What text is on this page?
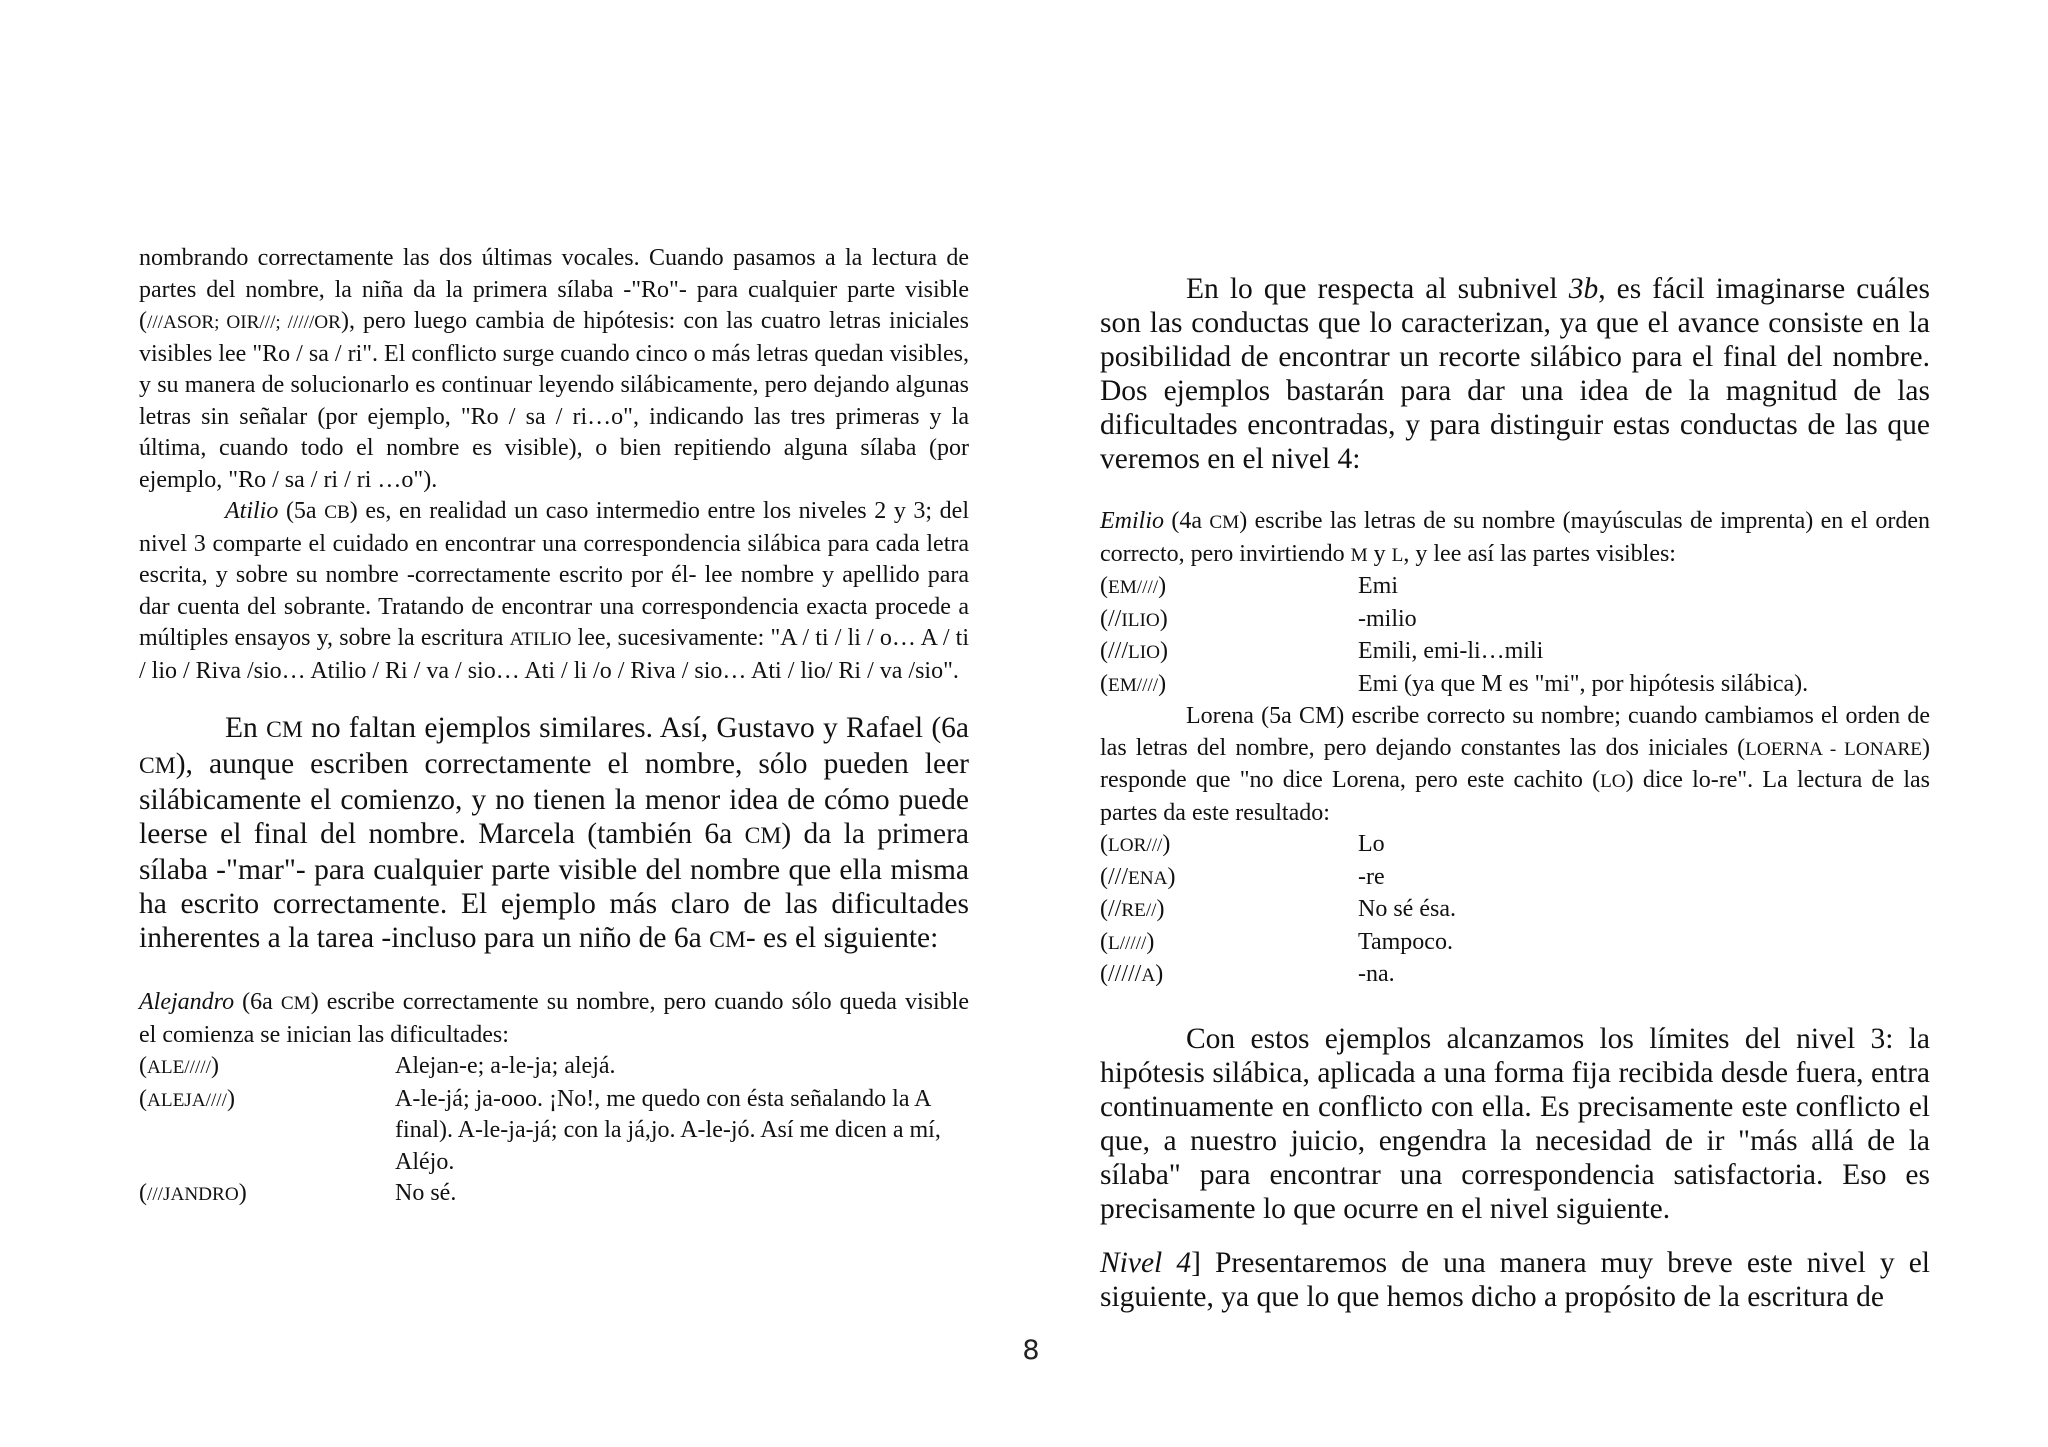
nombrando correctamente las dos últimas vocales. Cuando pasamos a la lectura de partes del nombre, la niña da la primera sílaba -"Ro"- para cualquier parte visible (///ASOR; OIR///; /////OR), pero luego cambia de hipótesis: con las cuatro letras iniciales visibles lee "Ro / sa / ri". El conflicto surge cuando cinco o más letras quedan visibles, y su manera de solucionarlo es continuar leyendo silábicamente, pero dejando algunas letras sin señalar (por ejemplo, "Ro / sa / ri…o", indicando las tres primeras y la última, cuando todo el nombre es visible), o bien repitiendo alguna sílaba (por ejemplo, "Ro / sa / ri / ri …o").

Atilio (5a CB) es, en realidad un caso intermedio entre los niveles 2 y 3; del nivel 3 comparte el cuidado en encontrar una correspondencia silábica para cada letra escrita, y sobre su nombre -correctamente escrito por él- lee nombre y apellido para dar cuenta del sobrante. Tratando de encontrar una correspondencia exacta procede a múltiples ensayos y, sobre la escritura ATILIO lee, sucesivamente: "A / ti / li / o… A / ti / lio / Riva /sio… Atilio / Ri / va / sio… Ati / li /o / Riva / sio… Ati / lio/ Ri / va /sio".

En CM no faltan ejemplos similares. Así, Gustavo y Rafael (6a CM), aunque escriben correctamente el nombre, sólo pueden leer silábicamente el comienzo, y no tienen la menor idea de cómo puede leerse el final del nombre. Marcela (también 6a CM) da la primera sílaba -"mar"- para cualquier parte visible del nombre que ella misma ha escrito correctamente. El ejemplo más claro de las dificultades inherentes a la tarea -incluso para un niño de 6a CM- es el siguiente:

Alejandro (6a CM) escribe correctamente su nombre, pero cuando sólo queda visible el comienza se inician las dificultades:

(ALE/////)	Alejan-e; a-le-ja; alejá.
(ALEJA////)	A-le-já; ja-ooo. ¡No!, me quedo con ésta señalando la A final). A-le-ja-já; con la já,jo. A-le-jó. Así me dicen a mí, Aléjo.
(///JANDRO)	No sé.

En lo que respecta al subnivel 3b, es fácil imaginarse cuáles son las conductas que lo caracterizan, ya que el avance consiste en la posibilidad de encontrar un recorte silábico para el final del nombre. Dos ejemplos bastarán para dar una idea de la magnitud de las dificultades encontradas, y para distinguir estas conductas de las que veremos en el nivel 4:

Emilio (4a CM) escribe las letras de su nombre (mayúsculas de imprenta) en el orden correcto, pero invirtiendo M y L, y lee así las partes visibles:

(EM////)	Emi
(//ILIO)	-milio
(///LIO)	Emili, emi-li…mili
(EM////)	Emi (ya que M es "mi", por hipótesis silábica).

Lorena (5a CM) escribe correcto su nombre; cuando cambiamos el orden de las letras del nombre, pero dejando constantes las dos iniciales (LOERNA - LONARE) responde que "no dice Lorena, pero este cachito (LO) dice lo-re". La lectura de las partes da este resultado:

(LOR///)	Lo
(///ENA)	-re
(//RE//)	No sé ésa.
(L/////)	Tampoco.
(/////A)	-na.

Con estos ejemplos alcanzamos los límites del nivel 3: la hipótesis silábica, aplicada a una forma fija recibida desde fuera, entra continuamente en conflicto con ella. Es precisamente este conflicto el que, a nuestro juicio, engendra la necesidad de ir "más allá de la sílaba" para encontrar una correspondencia satisfactoria. Eso es precisamente lo que ocurre en el nivel siguiente.

Nivel 4] Presentaremos de una manera muy breve este nivel y el siguiente, ya que lo que hemos dicho a propósito de la escritura de

8
